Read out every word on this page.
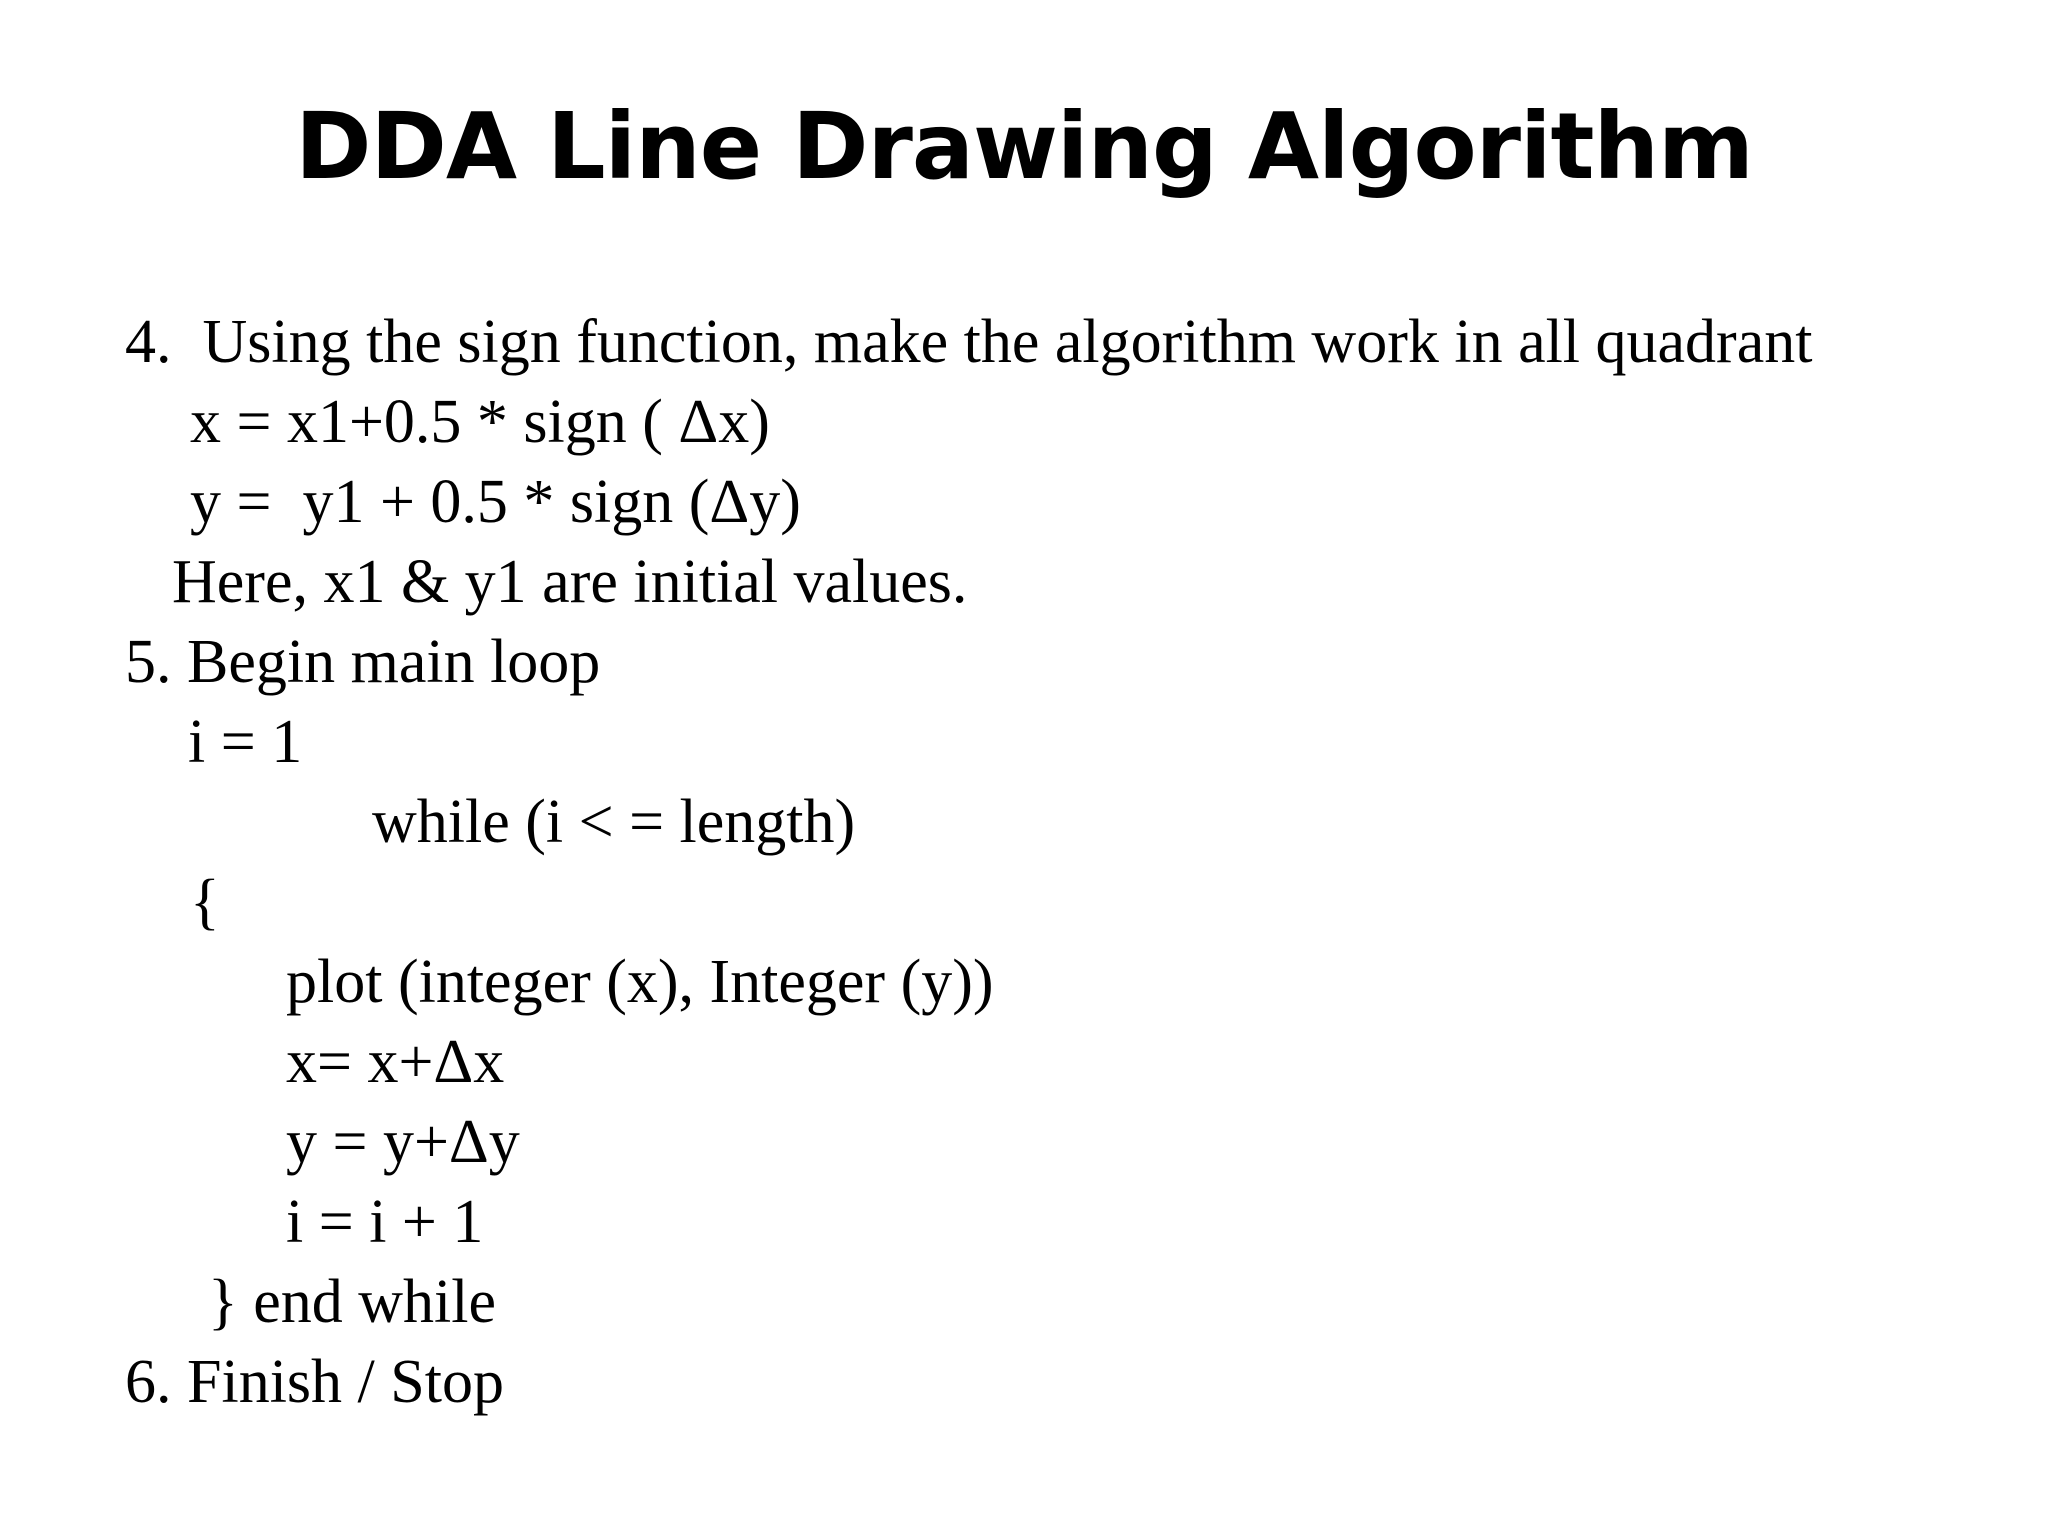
DDA Line Drawing Algorithm
4.  Using the sign function, make the algorithm work in all quadrant
x = x1+0.5 * sign ( Δx)
y =  y1 + 0.5 * sign (Δy)
Here, x1 & y1 are initial values.
5. Begin main loop
i = 1
while (i < = length)
{
plot (integer (x), Integer (y))
x= x+Δx
y = y+Δy
i = i + 1
} end while
6. Finish / Stop
